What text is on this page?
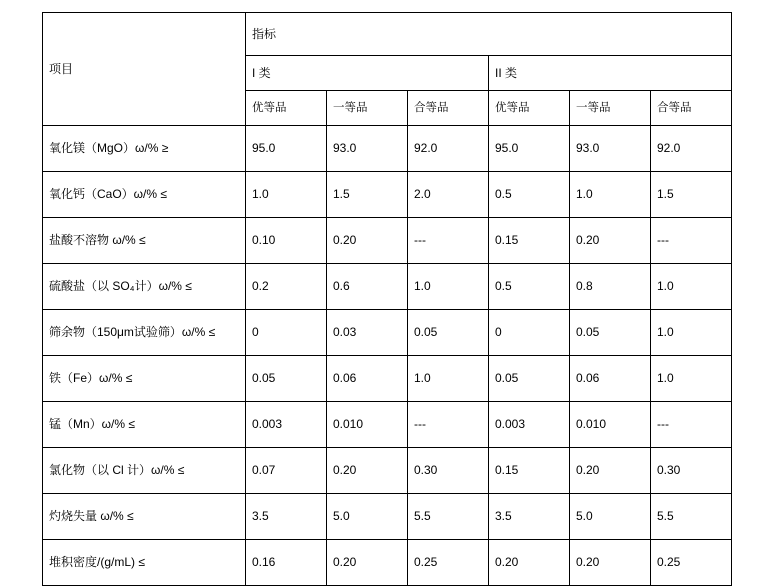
项目	指标					
	I 类			II 类		
	优等品	一等品	合等品	优等品	一等品	合等品
氧化镁（MgO）ω/% ≥	95.0	93.0	92.0	95.0	93.0	92.0
氧化钙（CaO）ω/% ≤	1.0	1.5	2.0	0.5	1.0	1.5
盐酸不溶物 ω/% ≤	0.10	0.20	---	0.15	0.20	---
硫酸盐（以 SO₄计）ω/% ≤	0.2	0.6	1.0	0.5	0.8	1.0
筛余物（150μm试验筛）ω/% ≤	0	0.03	0.05	0	0.05	1.0
铁（Fe）ω/% ≤	0.05	0.06	1.0	0.05	0.06	1.0
锰（Mn）ω/% ≤	0.003	0.010	---	0.003	0.010	---
氯化物（以 Cl 计）ω/% ≤	0.07	0.20	0.30	0.15	0.20	0.30
灼烧失量 ω/% ≤	3.5	5.0	5.5	3.5	5.0	5.5
堆积密度/(g/mL) ≤	0.16	0.20	0.25	0.20	0.20	0.25
